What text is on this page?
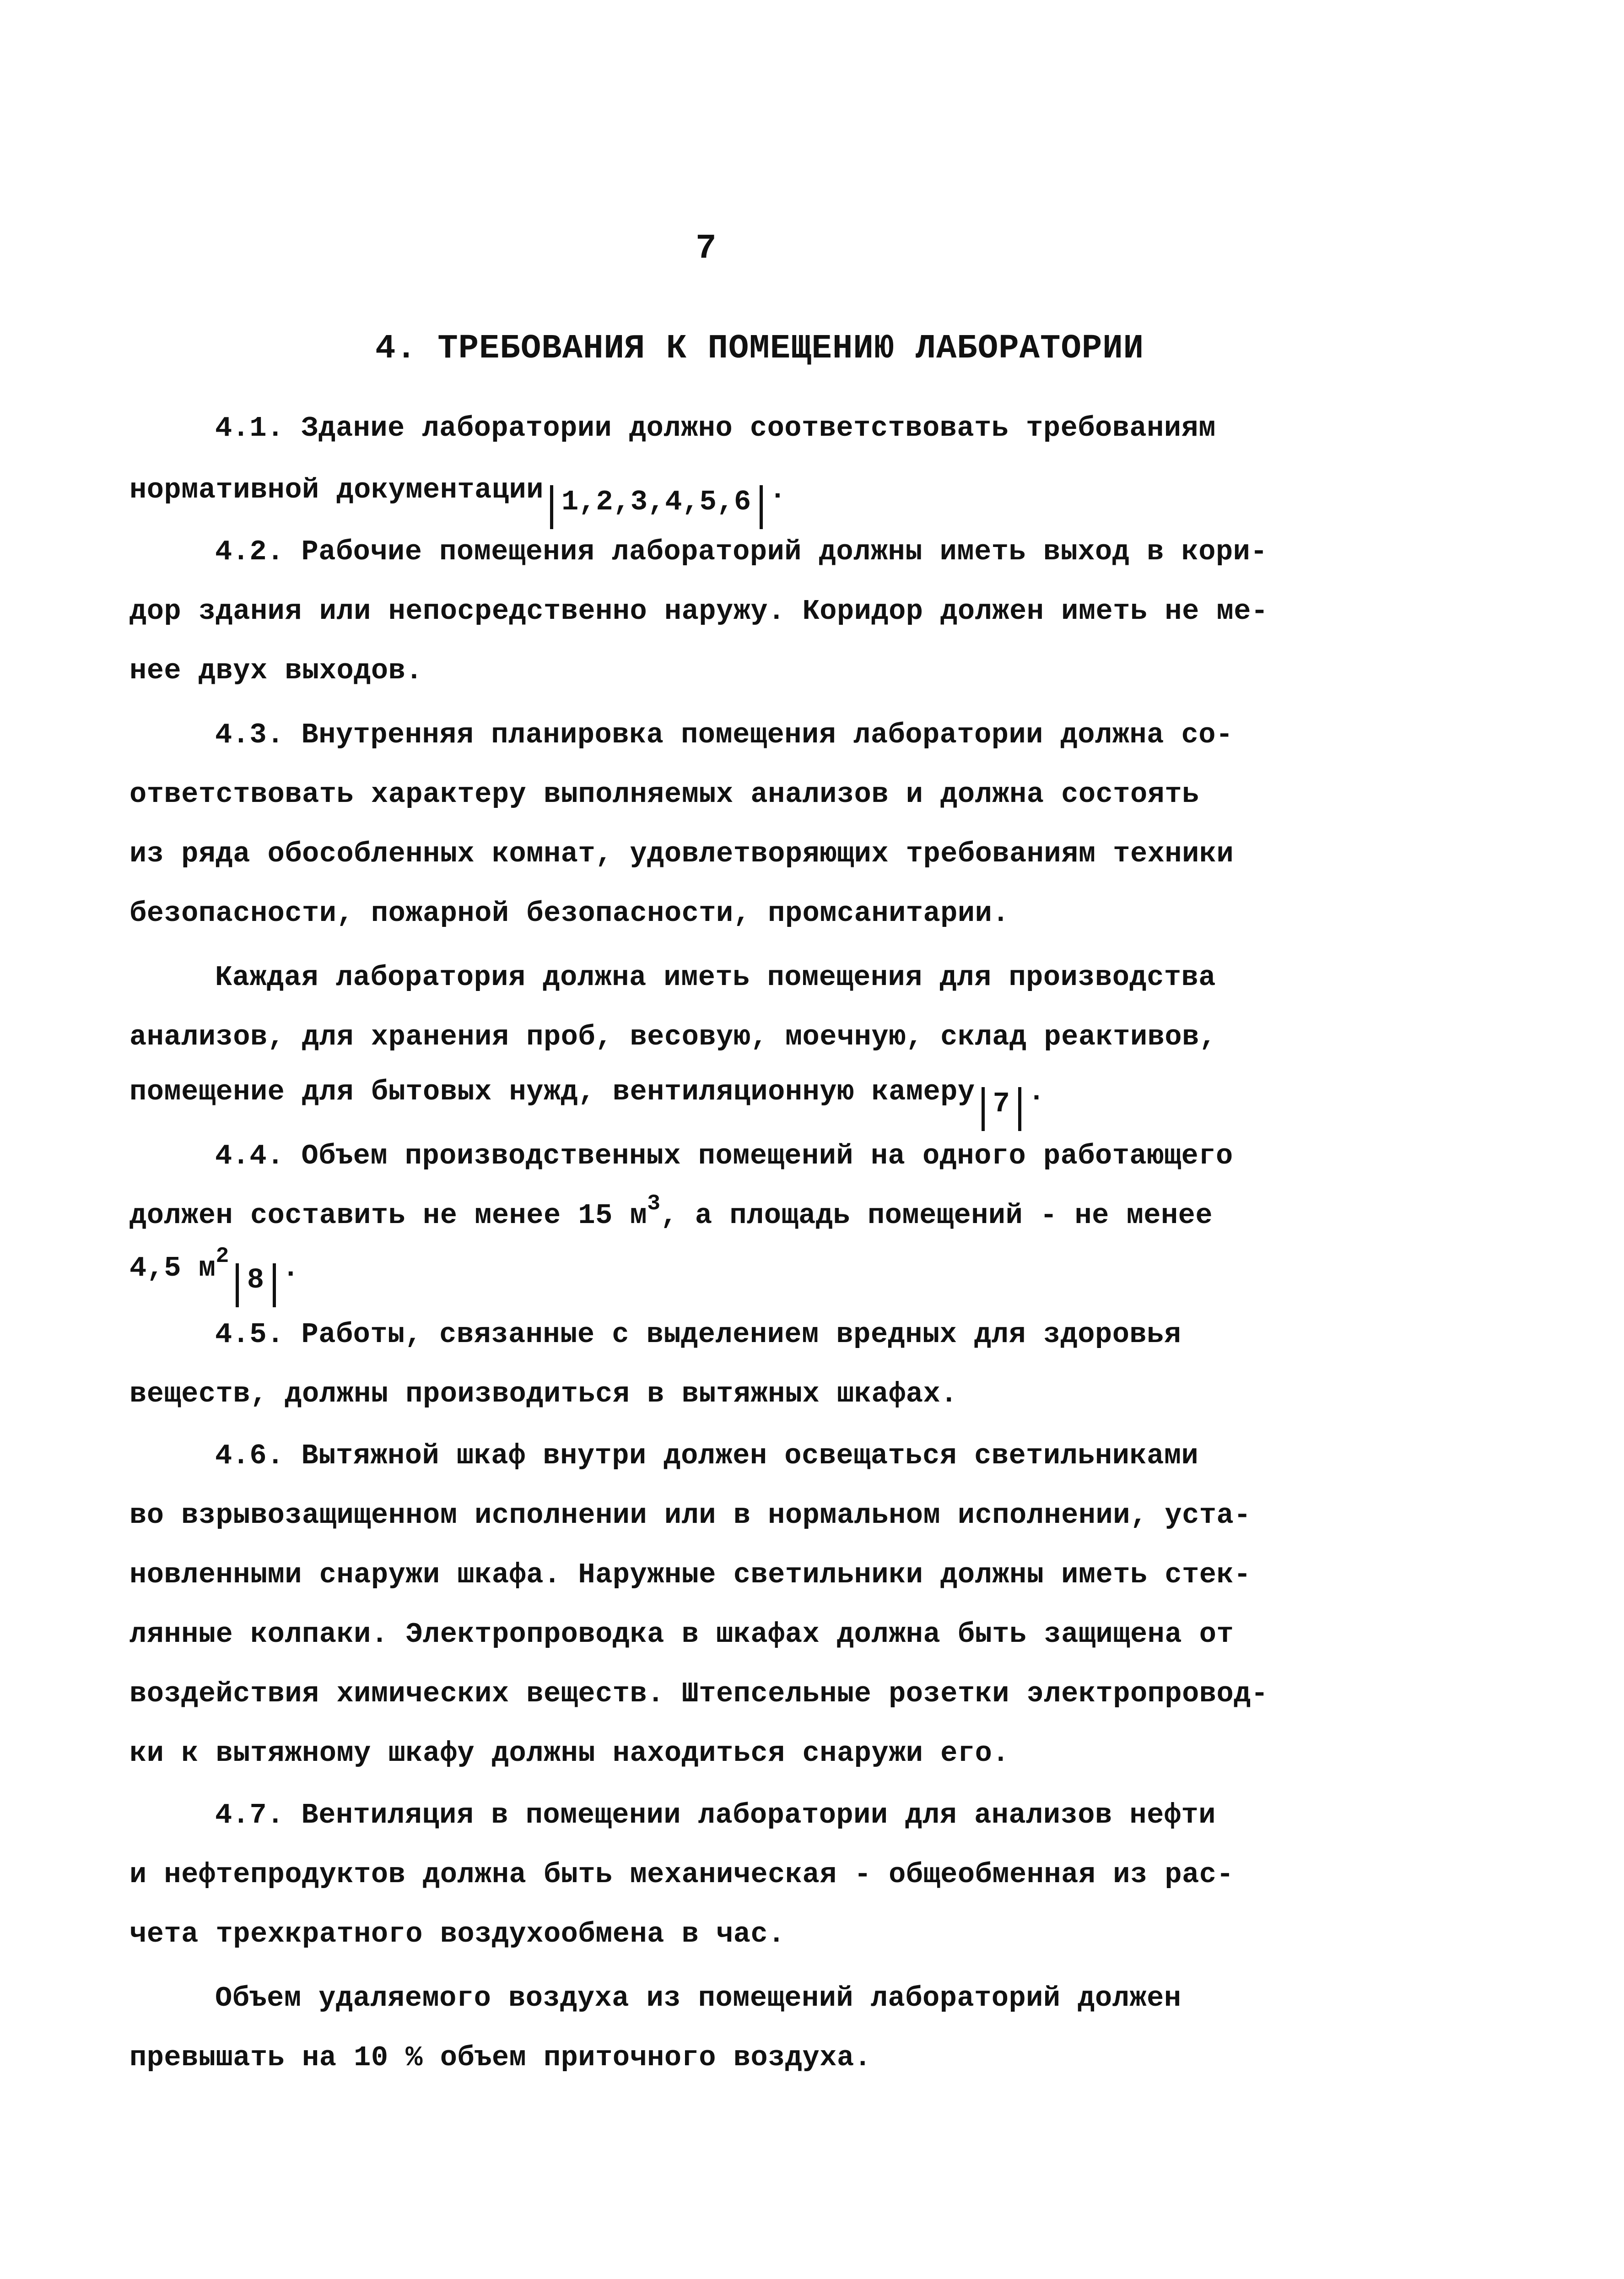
7
4. ТРЕБОВАНИЯ К ПОМЕЩЕНИЮ ЛАБОРАТОРИИ
4.1. Здание лаборатории должно соответствовать требованиям
нормативной документации 1,2,3,4,5,6 .
4.2. Рабочие помещения лабораторий должны иметь выход в кори-
дор здания или непосредственно наружу. Коридор должен иметь не ме-
нее двух выходов.
4.3. Внутренняя планировка помещения лаборатории должна со-
ответствовать характеру выполняемых анализов и должна состоять
из ряда обособленных комнат, удовлетворяющих требованиям техники
безопасности, пожарной безопасности, промсанитарии.
Каждая лаборатория должна иметь помещения для производства
анализов, для хранения проб, весовую, моечную, склад реактивов,
помещение для бытовых нужд, вентиляционную камеру 7 .
4.4. Объем производственных помещений на одного работающего
должен составить не менее 15 $м^3$, а площадь помещений - не менее
4,5 $м^28$ .
4.5. Работы, связанные с выделением вредных для здоровья
веществ, должны производиться в вытяжных шкафах.
4.6. Вытяжной шкаф внутри должен освещаться светильниками
во взрывозащищенном исполнении или в нормальном исполнении, уста-
новленными снаружи шкафа. Наружные светильники должны иметь стек-
лянные колпаки. Электропроводка в шкафах должна быть защищена от
воздействия химических веществ. Штепсельные розетки электропровод-
ки к вытяжному шкафу должны находиться снаружи его.
4.7. Вентиляция в помещении лаборатории для анализов нефти
и нефтепродуктов должна быть механическая - общеобменная из рас-
чета трехкратного воздухообмена в час.
Объем удаляемого воздуха из помещений лабораторий должен
превышать на 10 % объем приточного воздуха.
